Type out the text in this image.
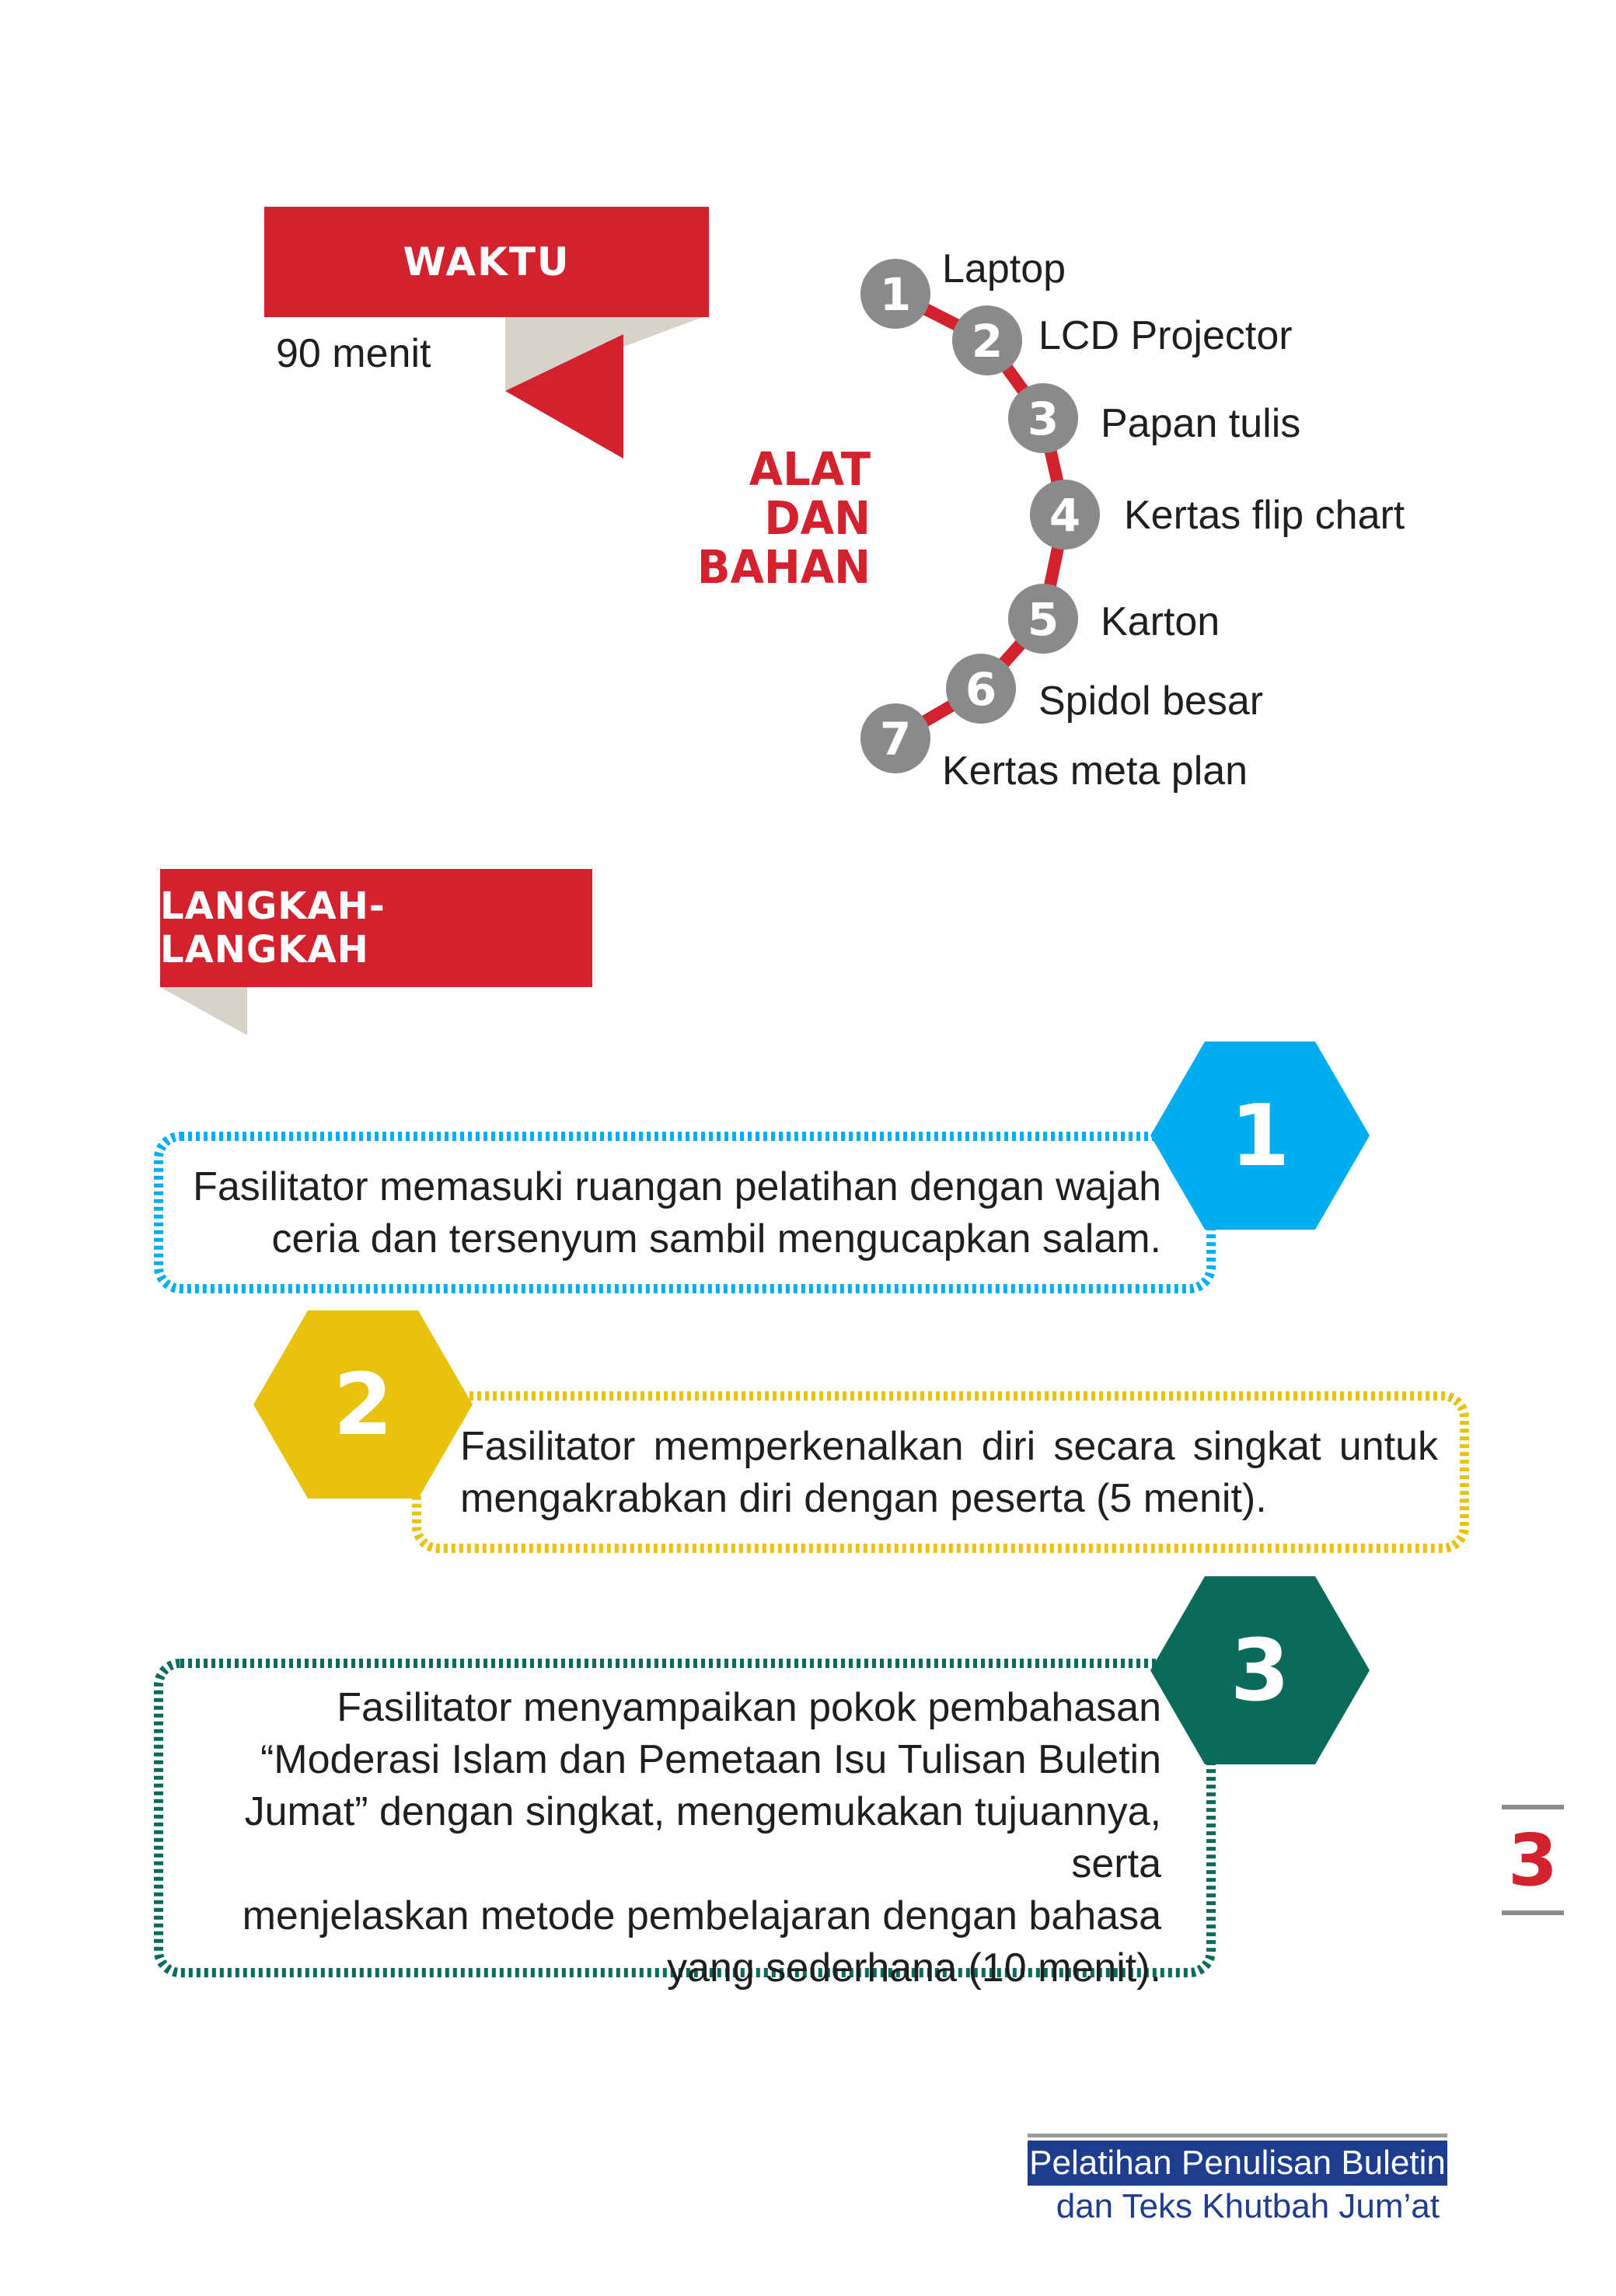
WAKTU
90 menit
ALAT
DAN
BAHAN
1
2
3
4
5
6
7
Laptop
LCD Projector
Papan tulis
Kertas flip chart
Karton
Spidol besar
Kertas meta plan
LANGKAH-LANGKAH
Fasilitator memasuki ruangan pelatihan dengan wajah
ceria dan tersenyum sambil mengucapkan salam.
1
Fasilitator memperkenalkan diri secara singkat untuk
mengakrabkan diri dengan peserta (5 menit).
2
Fasilitator menyampaikan pokok pembahasan
“Moderasi Islam dan Pemetaan Isu Tulisan Buletin
Jumat” dengan singkat, mengemukakan tujuannya, serta
menjelaskan metode pembelajaran dengan bahasa
yang sederhana (10 menit).
3
3
Pelatihan Penulisan Buletin
dan Teks Khutbah Jum’at
